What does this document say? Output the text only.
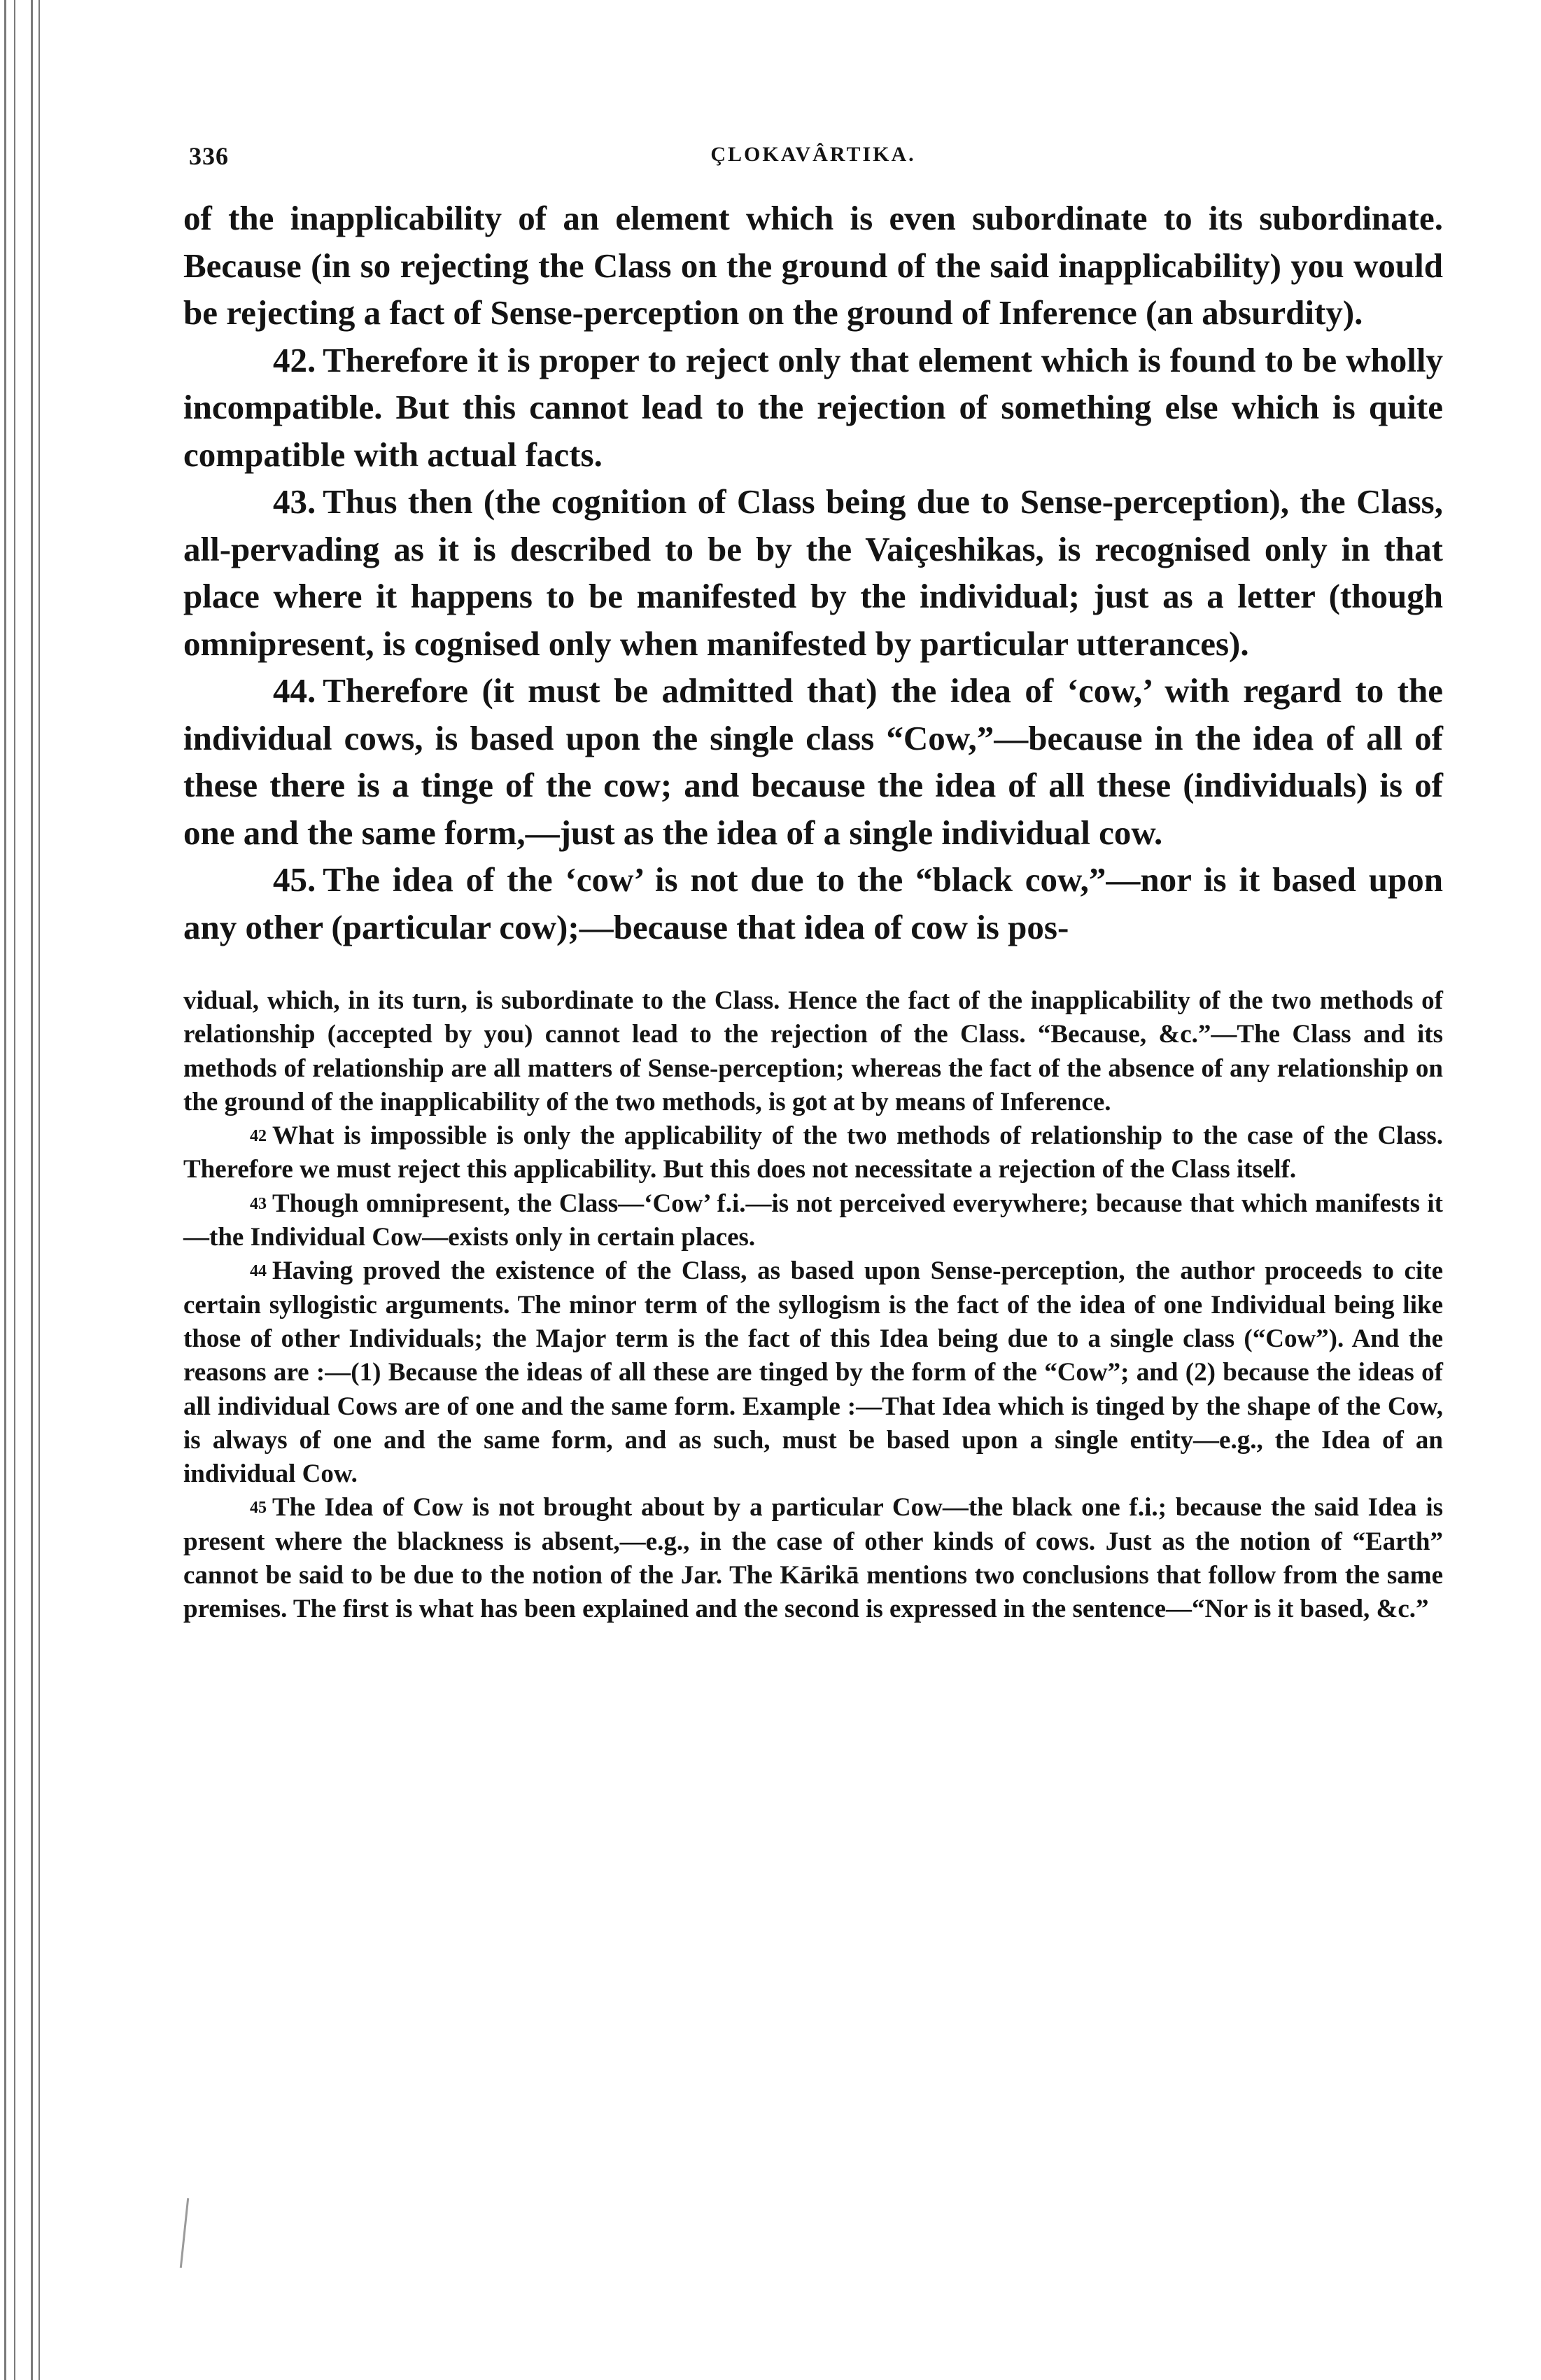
336	ÇLOKAVÂRTIKA.

of the inapplicability of an element which is even subordinate to its subordinate. Because (in so rejecting the Class on the ground of the said inapplicability) you would be rejecting a fact of Sense-perception on the ground of Inference (an absurdity).

42. Therefore it is proper to reject only that element which is found to be wholly incompatible. But this cannot lead to the rejection of something else which is quite compatible with actual facts.

43. Thus then (the cognition of Class being due to Sense-perception), the Class, all-pervading as it is described to be by the Vaiçeshikas, is recognised only in that place where it happens to be manifested by the individual; just as a letter (though omnipresent, is cognised only when manifested by particular utterances).

44. Therefore (it must be admitted that) the idea of ‘cow,’ with regard to the individual cows, is based upon the single class “Cow,”—because in the idea of all of these there is a tinge of the cow; and because the idea of all these (individuals) is of one and the same form,—just as the idea of a single individual cow.

45. The idea of the ‘cow’ is not due to the “black cow,”—nor is it based upon any other (particular cow);—because that idea of cow is pos-

vidual, which, in its turn, is subordinate to the Class. Hence the fact of the inapplicability of the two methods of relationship (accepted by you) cannot lead to the rejection of the Class. “Because, &c.”—The Class and its methods of relationship are all matters of Sense-perception; whereas the fact of the absence of any relationship on the ground of the inapplicability of the two methods, is got at by means of Inference.

42 What is impossible is only the applicability of the two methods of relationship to the case of the Class. Therefore we must reject this applicability. But this does not necessitate a rejection of the Class itself.

43 Though omnipresent, the Class—‘Cow’ f.i.—is not perceived everywhere; because that which manifests it—the Individual Cow—exists only in certain places.

44 Having proved the existence of the Class, as based upon Sense-perception, the author proceeds to cite certain syllogistic arguments. The minor term of the syllogism is the fact of the idea of one Individual being like those of other Individuals; the Major term is the fact of this Idea being due to a single class (“Cow”). And the reasons are :—(1) Because the ideas of all these are tinged by the form of the “Cow”; and (2) because the ideas of all individual Cows are of one and the same form. Example :—That Idea which is tinged by the shape of the Cow, is always of one and the same form, and as such, must be based upon a single entity—e.g., the Idea of an individual Cow.

45 The Idea of Cow is not brought about by a particular Cow—the black one f.i.; because the said Idea is present where the blackness is absent,—e.g., in the case of other kinds of cows. Just as the notion of “Earth” cannot be said to be due to the notion of the Jar. The Kārikā mentions two conclusions that follow from the same premises. The first is what has been explained and the second is expressed in the sentence—“Nor is it based, &c.”
